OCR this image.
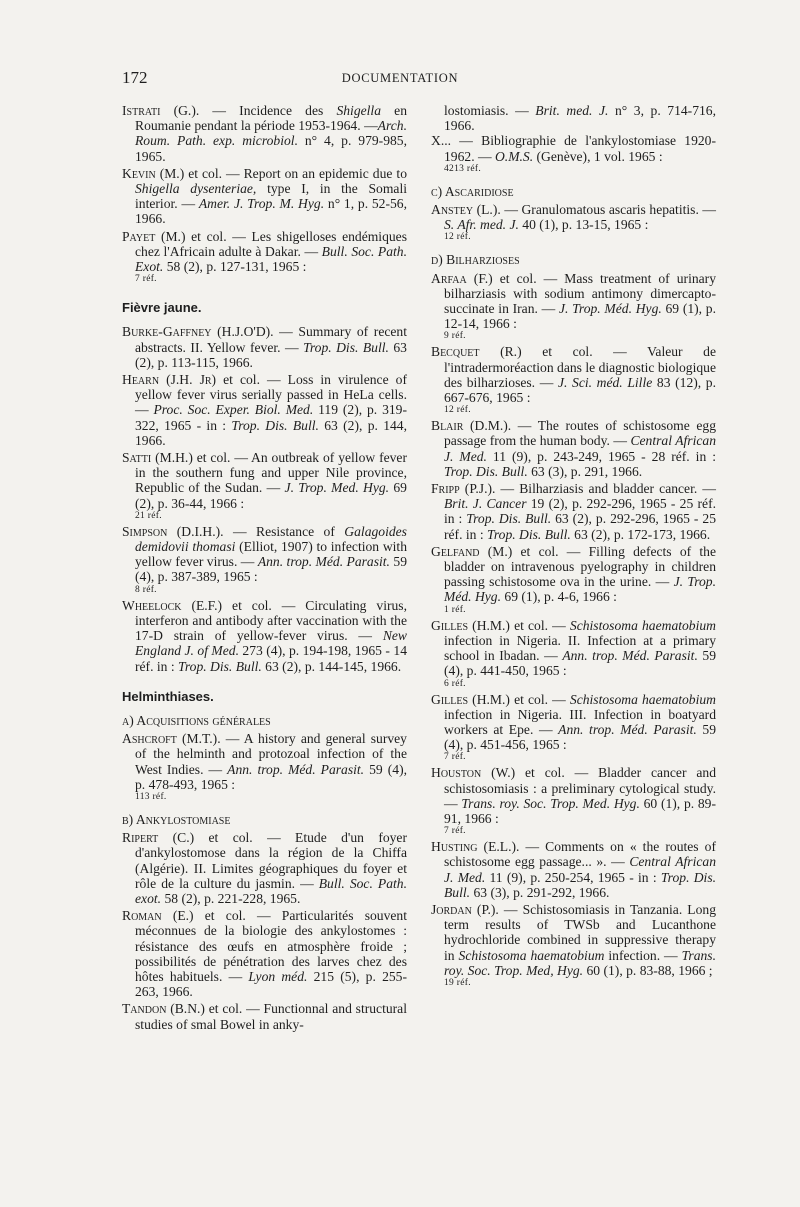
172	DOCUMENTATION

Istrati (G.). — Incidence des Shigella en Roumanie pendant la période 1953-1964. —Arch. Roum. Path. exp. microbiol. n° 4, p. 979-985, 1965.

Kevin (M.) et col. — Report on an epidemic due to Shigella dysenteriae, type I, in the Somali interior. — Amer. J. Trop. M. Hyg. n° 1, p. 52-56, 1966.

Payet (M.) et col. — Les shigelloses endémiques chez l'Africain adulte à Dakar. — Bull. Soc. Path. Exot. 58 (2), p. 127-131, 1965 :
7 réf.

Fièvre jaune.

Burke-Gaffney (H.J.O'D). — Summary of recent abstracts. II. Yellow fever. — Trop. Dis. Bull. 63 (2), p. 113-115, 1966.

Hearn (J.H. Jr) et col. — Loss in virulence of yellow fever virus serially passed in HeLa cells. — Proc. Soc. Exper. Biol. Med. 119 (2), p. 319-322, 1965 - in : Trop. Dis. Bull. 63 (2), p. 144, 1966.

Satti (M.H.) et col. — An outbreak of yellow fever in the southern fung and upper Nile province, Republic of the Sudan. — J. Trop. Med. Hyg. 69 (2), p. 36-44, 1966 :
21 réf.

Simpson (D.I.H.). — Resistance of Galagoides demidovii thomasi (Elliot, 1907) to infection with yellow fever virus. — Ann. trop. Méd. Parasit. 59 (4), p. 387-389, 1965 :
8 réf.

Wheelock (E.F.) et col. — Circulating virus, interferon and antibody after vaccination with the 17-D strain of yellow-fever virus. — New England J. of Med. 273 (4), p. 194-198, 1965 - 14 réf. in : Trop. Dis. Bull. 63 (2), p. 144-145, 1966.

Helminthiases.
a) Acquisitions générales

Ashcroft (M.T.). — A history and general survey of the helminth and protozoal infection of the West Indies. — Ann. trop. Méd. Parasit. 59 (4), p. 478-493, 1965 :
113 réf.

b) Ankylostomiase

Ripert (C.) et col. — Etude d'un foyer d'ankylostomose dans la région de la Chiffa (Algérie). II. Limites géographiques du foyer et rôle de la culture du jasmin. — Bull. Soc. Path. exot. 58 (2), p. 221-228, 1965.

Roman (E.) et col. — Particularités souvent méconnues de la biologie des ankylostomes : résistance des œufs en atmosphère froide ; possibilités de pénétration des larves chez des hôtes habituels. — Lyon méd. 215 (5), p. 255-263, 1966.

Tandon (B.N.) et col. — Functionnal and structural studies of smal Bowel in anky-

lostomiasis. — Brit. med. J. n° 3, p. 714-716, 1966.

X... — Bibliographie de l'ankylostomiase 1920-1962. — O.M.S. (Genève), 1 vol. 1965 :
4213 réf.

c) Ascaridiose

Anstey (L.). — Granulomatous ascaris hepatitis. — S. Afr. med. J. 40 (1), p. 13-15, 1965 :
12 réf.

d) Bilharzioses

Arfaa (F.) et col. — Mass treatment of urinary bilharziasis with sodium antimony dimercapto-succinate in Iran. — J. Trop. Méd. Hyg. 69 (1), p. 12-14, 1966 :
9 réf.

Becquet (R.) et col. — Valeur de l'intradermoréaction dans le diagnostic biologique des bilharzioses. — J. Sci. méd. Lille 83 (12), p. 667-676, 1965 :
12 réf.

Blair (D.M.). — The routes of schistosome egg passage from the human body. — Central African J. Med. 11 (9), p. 243-249, 1965 - 28 réf. in : Trop. Dis. Bull. 63 (3), p. 291, 1966.

Fripp (P.J.). — Bilharziasis and bladder cancer. — Brit. J. Cancer 19 (2), p. 292-296, 1965 - 25 réf. in : Trop. Dis. Bull. 63 (2), p. 292-296, 1965 - 25 réf. in : Trop. Dis. Bull. 63 (2), p. 172-173, 1966.

Gelfand (M.) et col. — Filling defects of the bladder on intravenous pyelography in children passing schistosome ova in the urine. — J. Trop. Méd. Hyg. 69 (1), p. 4-6, 1966 :
1 réf.

Gilles (H.M.) et col. — Schistosoma haematobium infection in Nigeria. II. Infection at a primary school in Ibadan. — Ann. trop. Méd. Parasit. 59 (4), p. 441-450, 1965 :
6 réf.

Gilles (H.M.) et col. — Schistosoma haematobium infection in Nigeria. III. Infection in boatyard workers at Epe. — Ann. trop. Méd. Parasit. 59 (4), p. 451-456, 1965 :
7 réf.

Houston (W.) et col. — Bladder cancer and schistosomiasis : a preliminary cytological study. — Trans. roy. Soc. Trop. Med. Hyg. 60 (1), p. 89-91, 1966 :
7 réf.

Husting (E.L.). — Comments on « the routes of schistosome egg passage... ». — Central African J. Med. 11 (9), p. 250-254, 1965 - in : Trop. Dis. Bull. 63 (3), p. 291-292, 1966.

Jordan (P.). — Schistosomiasis in Tanzania. Long term results of TWSb and Lucanthone hydrochloride combined in suppressive therapy in Schistosoma haematobium infection. — Trans. roy. Soc. Trop. Med, Hyg. 60 (1), p. 83-88, 1966 ;
19 réf.
